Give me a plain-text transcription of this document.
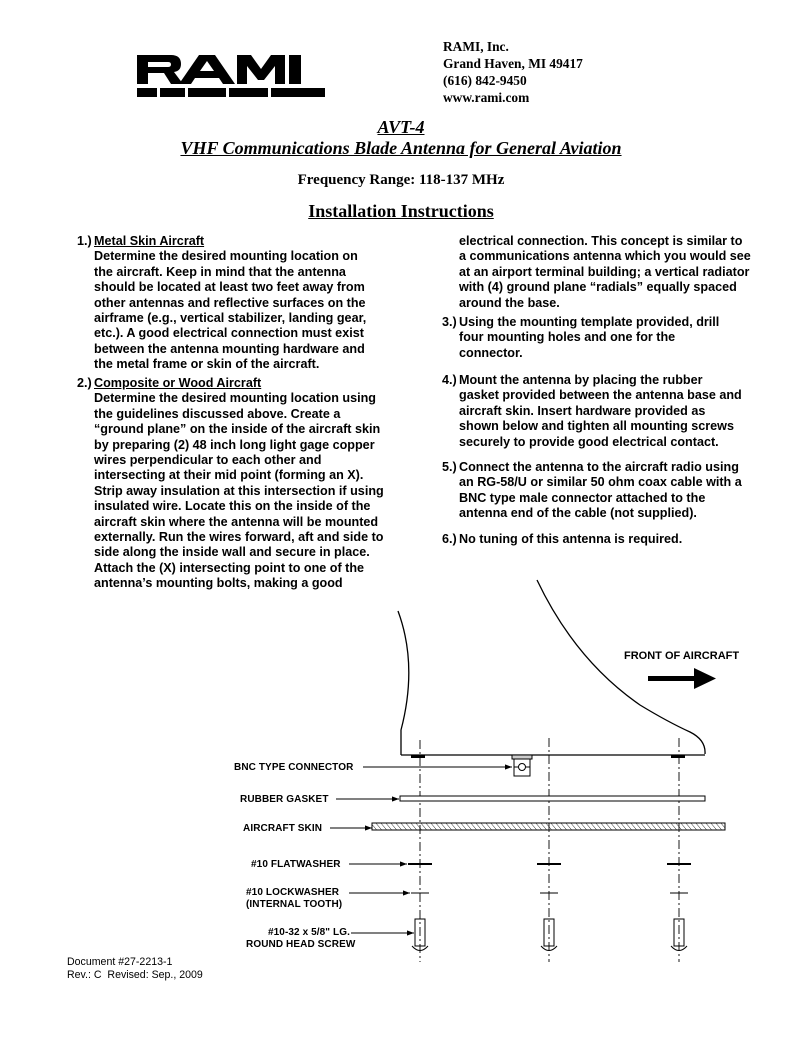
RAMI, Inc.
Grand Haven, MI 49417
(616) 842-9450
www.rami.com
AVT-4
VHF Communications Blade Antenna for General Aviation
Frequency Range: 118-137 MHz
Installation Instructions
1.) Metal Skin Aircraft
Determine the desired mounting location on
the aircraft. Keep in mind that the antenna
should be located at least two feet away from
other antennas and reflective surfaces on the
airframe (e.g., vertical stabilizer, landing gear,
etc.). A good electrical connection must exist
between the antenna mounting hardware and
the metal frame or skin of the aircraft.
2.) Composite or Wood Aircraft
Determine the desired mounting location using
the guidelines discussed above. Create a
“ground plane” on the inside of the aircraft skin
by preparing (2) 48 inch long light gage copper
wires perpendicular to each other and
intersecting at their mid point (forming an X).
Strip away insulation at this intersection if using
insulated wire. Locate this on the inside of the
aircraft skin where the antenna will be mounted
externally. Run the wires forward, aft and side to
side along the inside wall and secure in place.
Attach the (X) intersecting point to one of the
antenna’s mounting bolts, making a good
electrical connection. This concept is similar to
a communications antenna which you would see
at an airport terminal building; a vertical radiator
with (4) ground plane “radials” equally spaced
around the base.
3.) Using the mounting template provided, drill
four mounting holes and one for the
connector.
4.) Mount the antenna by placing the rubber
gasket provided between the antenna base and
aircraft skin. Insert hardware provided as
shown below and tighten all mounting screws
securely to provide good electrical contact.
5.) Connect the antenna to the aircraft radio using
an RG-58/U or similar 50 ohm coax cable with a
BNC type male connector attached to the
antenna end of the cable (not supplied).
6.) No tuning of this antenna is required.
FRONT OF AIRCRAFT
BNC TYPE CONNECTOR
RUBBER GASKET
AIRCRAFT SKIN
#10 FLATWASHER
#10 LOCKWASHER
(INTERNAL TOOTH)
#10-32 x 5/8" LG.
ROUND HEAD SCREW
Document #27-2213-1
Rev.: C  Revised: Sep., 2009
